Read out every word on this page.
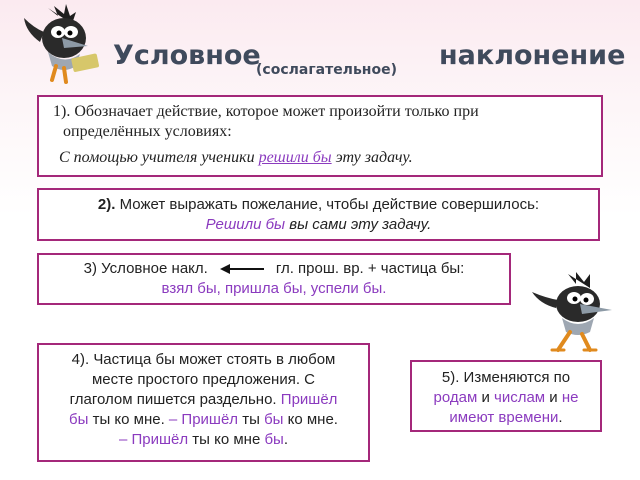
Условное
(сослагательное) наклонение
1). Обозначает действие, которое может произойти только при
определённых условиях:
С помощью учителя ученики решили бы эту задачу.
2). Может выражать пожелание, чтобы действие совершилось:
Решили бы вы сами эту задачу.
3) Условное накл.	гл. прош. вр. + частица бы:
взял бы, пришла бы, успели бы.
4). Частица бы может стоять в любом
месте простого предложения. С
глаголом пишется раздельно. Пришёл
бы ты ко мне. – Пришёл ты бы ко мне.
– Пришёл ты ко мне бы.
5). Изменяются по
родам и числам и не
имеют времени.
